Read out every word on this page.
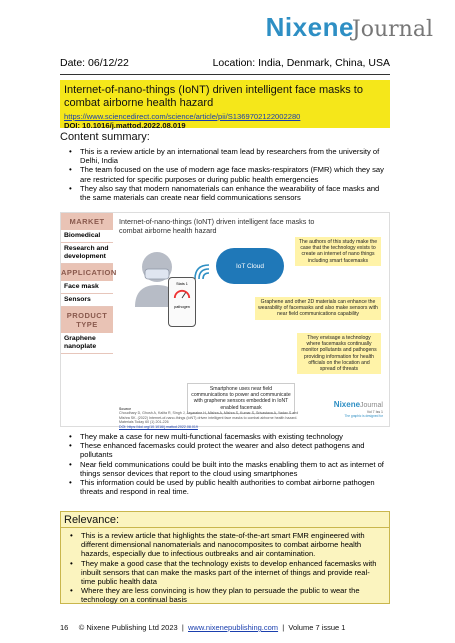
NixeneJournal
Date: 06/12/22	Location: India, Denmark, China, USA
Internet-of-nano-things (IoNT) driven intelligent face masks to combat airborne health hazard
https://www.sciencedirect.com/science/article/pii/S1369702122002280
DOI: 10.1016/j.mattod.2022.08.019
Content summary:
• This is a review article by an international team lead by researchers from the university of Delhi, India
• The team focused on the use of modern age face masks-respirators (FMR) which they say are restricted for specific purposes or during public health emergencies
• They also say that modern nanomaterials can enhance the wearability of face masks and the same materials can create near field communications sensors
MARKET
Biomedical
Research and development
APPLICATION
Face mask
Sensors
PRODUCT TYPE
Graphene nanoplate
Internet-of-nano-things (IoNT) driven intelligent face masks to combat airborne health hazard
IoT Cloud
Stats 1
pathogen
The authors of this study make the case that the technology exists to create an internet of nano things including smart facemasks
Graphene and other 2D materials can enhance the wearability of facemasks and also make sensors with near field communications capability
They envisage a technology where facemasks continually monitor pollutants and pathogens providing information for health officials on the location and spread of threats
Smartphone uses near field communications to power and communicate with graphene sensors embedded in IoNT enabled facemask
Source
Choudhary D, Ghosh A, Kalita R, Singh J, Jayaratne H, Mishra A, Mishra S, Kumar S, Srivastava A, Yadav S and Mishra SK. (2022) Internet-of-nano-things (IoNT) driven intelligent face masks to combat airborne health hazard. Materials Today 60 (1) 201-226
DOI: https://doi.org/10.1016/j.mattod.2022.08.019
NixeneJournal
Vol 7 Iss 1
The graphic is designed for
• They make a case for new multi-functional facemasks with existing technology
• These enhanced facemasks could protect the wearer and also detect pathogens and pollutants
• Near field communications could be built into the masks enabling them to act as internet of things sensor devices that report to the cloud using smartphones
• This information could be used by public health authorities to combat airborne pathogen threats and respond in real time.
Relevance:
• This is a review article that highlights the state-of-the-art smart FMR engineered with different dimensional nanomaterials and nanocomposites to combat airborne health hazards, especially due to infectious outbreaks and air contamination.
• They make a good case that the technology exists to develop enhanced facemasks with inbuilt sensors that can make the masks part of the internet of things and provide real-time public health data
• Where they are less convincing is how they plan to persuade the public to wear the technology on a continual basis
16 © Nixene Publishing Ltd 2023 | www.nixenepublishing.com | Volume 7 issue 1
